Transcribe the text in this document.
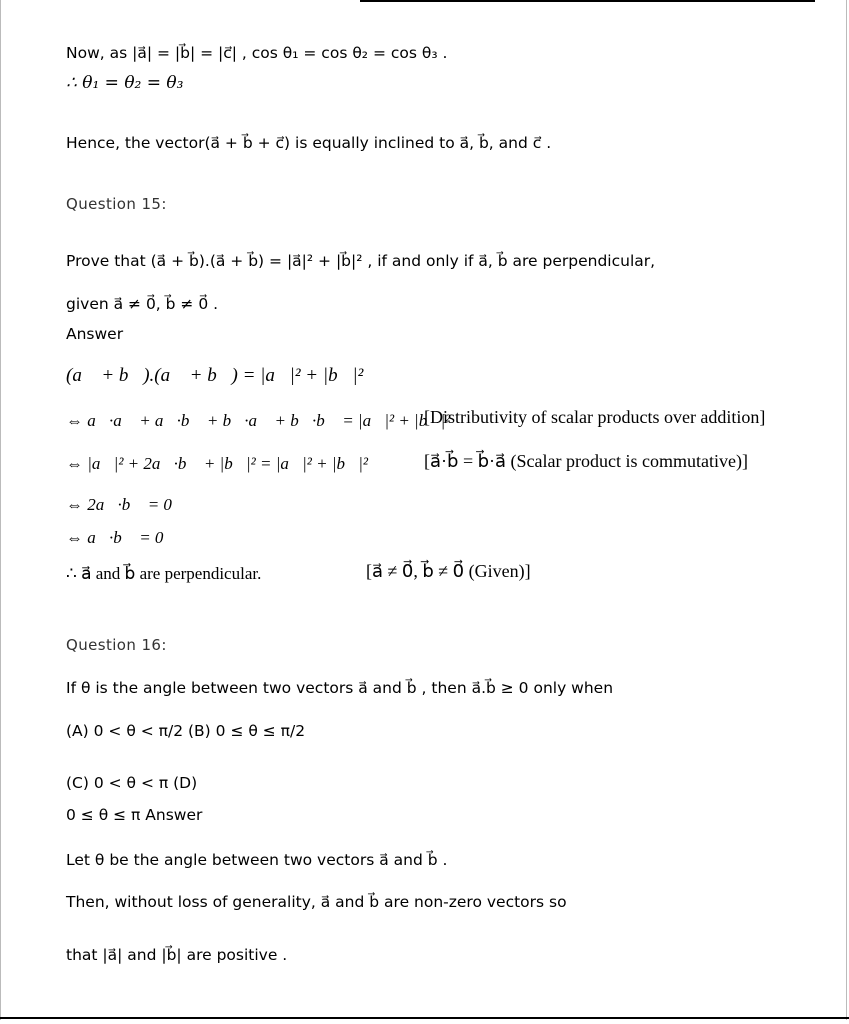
Now, as |a⃗| = |b⃗| = |c⃗| , cos θ₁ = cos θ₂ = cos θ₃ .
∴ θ₁ = θ₂ = θ₃
Hence, the vector(a⃗ + b⃗ + c⃗) is equally inclined to a⃗, b⃗, and c⃗ .
Question 15:
Prove that (a⃗ + b⃗).(a⃗ + b⃗) = |a⃗|² + |b⃗|² , if and only if a⃗, b⃗ are perpendicular,
given a⃗ ≠ 0⃗, b⃗ ≠ 0⃗ .
Answer
(a⃗ + b⃗).(a⃗ + b⃗) = |a⃗|² + |b⃗|²
⇔ a⃗·a⃗ + a⃗·b⃗ + b⃗·a⃗ + b⃗·b⃗ = |a⃗|² + |b⃗|²
[Distributivity of scalar products over addition]
⇔ |a⃗|² + 2a⃗·b⃗ + |b⃗|² = |a⃗|² + |b⃗|²	[a⃗·b⃗ = b⃗·a⃗ (Scalar product is commutative)]
⇔ 2a⃗·b⃗ = 0
⇔ a⃗·b⃗ = 0
∴ a⃗ and b⃗ are perpendicular.	[a⃗ ≠ 0⃗, b⃗ ≠ 0⃗ (Given)]
Question 16:
If θ is the angle between two vectors a⃗ and b⃗ , then a⃗.b⃗ ≥ 0 only when
(A) 0 < θ < π/2 (B) 0 ≤ θ ≤ π/2
(C) 0 < θ < π (D)
0 ≤ θ ≤ π Answer
Let θ be the angle between two vectors a⃗ and b⃗ .
Then, without loss of generality, a⃗ and b⃗ are non-zero vectors so
that |a⃗| and |b⃗| are positive .
